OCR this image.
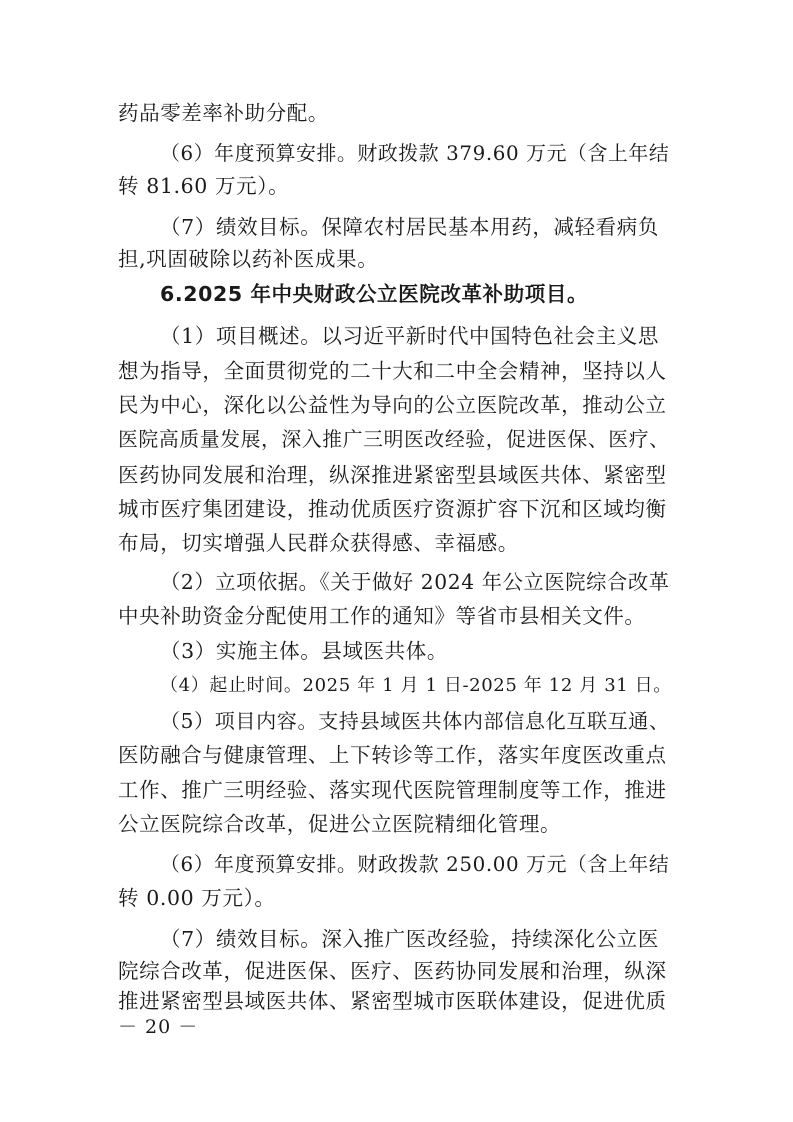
药品零差率补助分配。
（6）年度预算安排。财政拨款 379.60 万元（含上年结
转 81.60 万元）。
（7）绩效目标。保障农村居民基本用药，减轻看病负
担,巩固破除以药补医成果。
6.2025 年中央财政公立医院改革补助项目。
（1）项目概述。以习近平新时代中国特色社会主义思
想为指导，全面贯彻党的二十大和二中全会精神，坚持以人
民为中心，深化以公益性为导向的公立医院改革，推动公立
医院高质量发展，深入推广三明医改经验，促进医保、医疗、
医药协同发展和治理，纵深推进紧密型县域医共体、紧密型
城市医疗集团建设，推动优质医疗资源扩容下沉和区域均衡
布局，切实增强人民群众获得感、幸福感。
（2）立项依据。《关于做好 2024 年公立医院综合改革
中央补助资金分配使用工作的通知》等省市县相关文件。
（3）实施主体。县域医共体。
（4）起止时间。2025 年 1 月 1 日-2025 年 12 月 31 日。
（5）项目内容。支持县域医共体内部信息化互联互通、
医防融合与健康管理、上下转诊等工作，落实年度医改重点
工作、推广三明经验、落实现代医院管理制度等工作，推进
公立医院综合改革，促进公立医院精细化管理。
（6）年度预算安排。财政拨款 250.00 万元（含上年结
转 0.00 万元）。
（7）绩效目标。深入推广医改经验，持续深化公立医
院综合改革，促进医保、医疗、医药协同发展和治理，纵深
推进紧密型县域医共体、紧密型城市医联体建设，促进优质
－ 20 －
